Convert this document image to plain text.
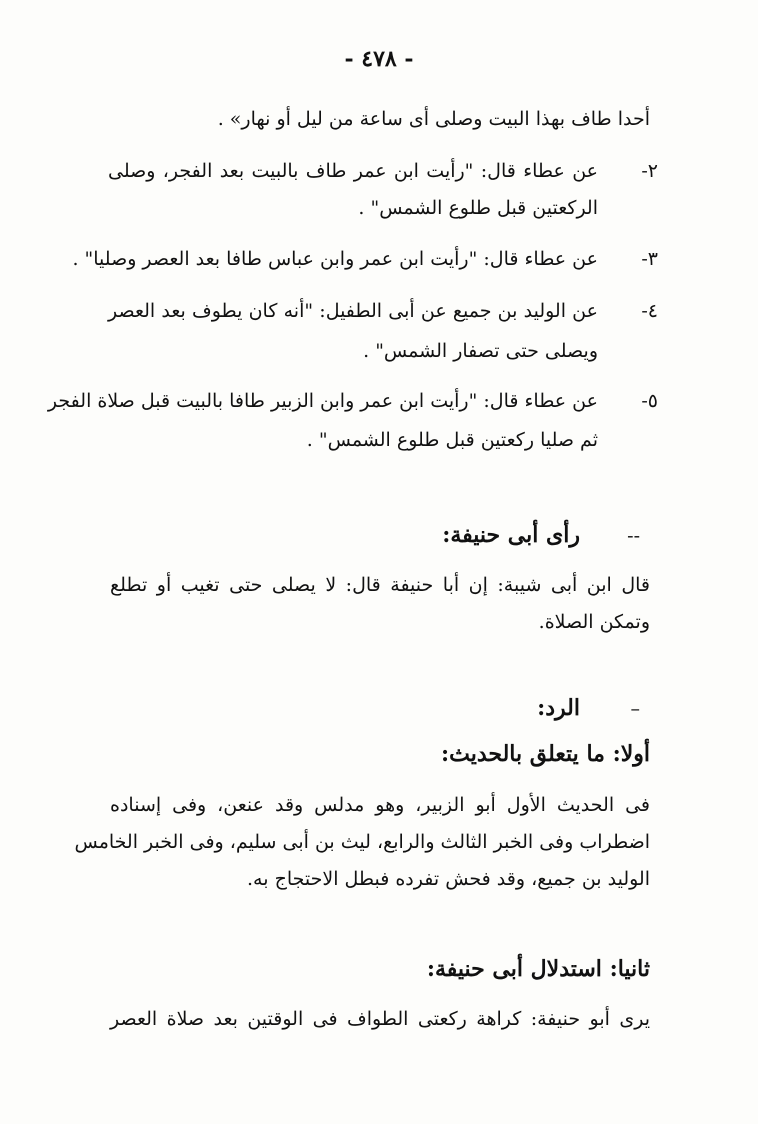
- ٤٧٨ -
أحدا طاف بهذا البيت وصلى أى ساعة من ليل أو نهار» .
٢-
عن عطاء قال: "رأيت ابن عمر طاف بالبيت بعد الفجر، وصلى
الركعتين قبل طلوع الشمس" .
٣-
عن عطاء قال: "رأيت ابن عمر وابن عباس طافا بعد العصر وصليا" .
٤-
عن الوليد بن جميع عن أبى الطفيل: "أنه كان يطوف بعد العصر
ويصلى حتى تصفار الشمس" .
٥-
عن عطاء قال: "رأيت ابن عمر وابن الزبير طافا بالبيت قبل صلاة الفجر
ثم صليا ركعتين قبل طلوع الشمس" .
--
رأى أبى حنيفة:
قال ابن أبى شيبة: إن أبا حنيفة قال: لا يصلى حتى تغيب أو تطلع
وتمكن الصلاة.
–
الرد:
أولا: ما يتعلق بالحديث:
فى الحديث الأول أبو الزبير، وهو مدلس وقد عنعن، وفى إسناده
اضطراب وفى الخبر الثالث والرابع، ليث بن أبى سليم، وفى الخبر الخامس
الوليد بن جميع، وقد فحش تفرده فبطل الاحتجاج به.
ثانيا: استدلال أبى حنيفة:
يرى أبو حنيفة: كراهة ركعتى الطواف فى الوقتين بعد صلاة العصر
